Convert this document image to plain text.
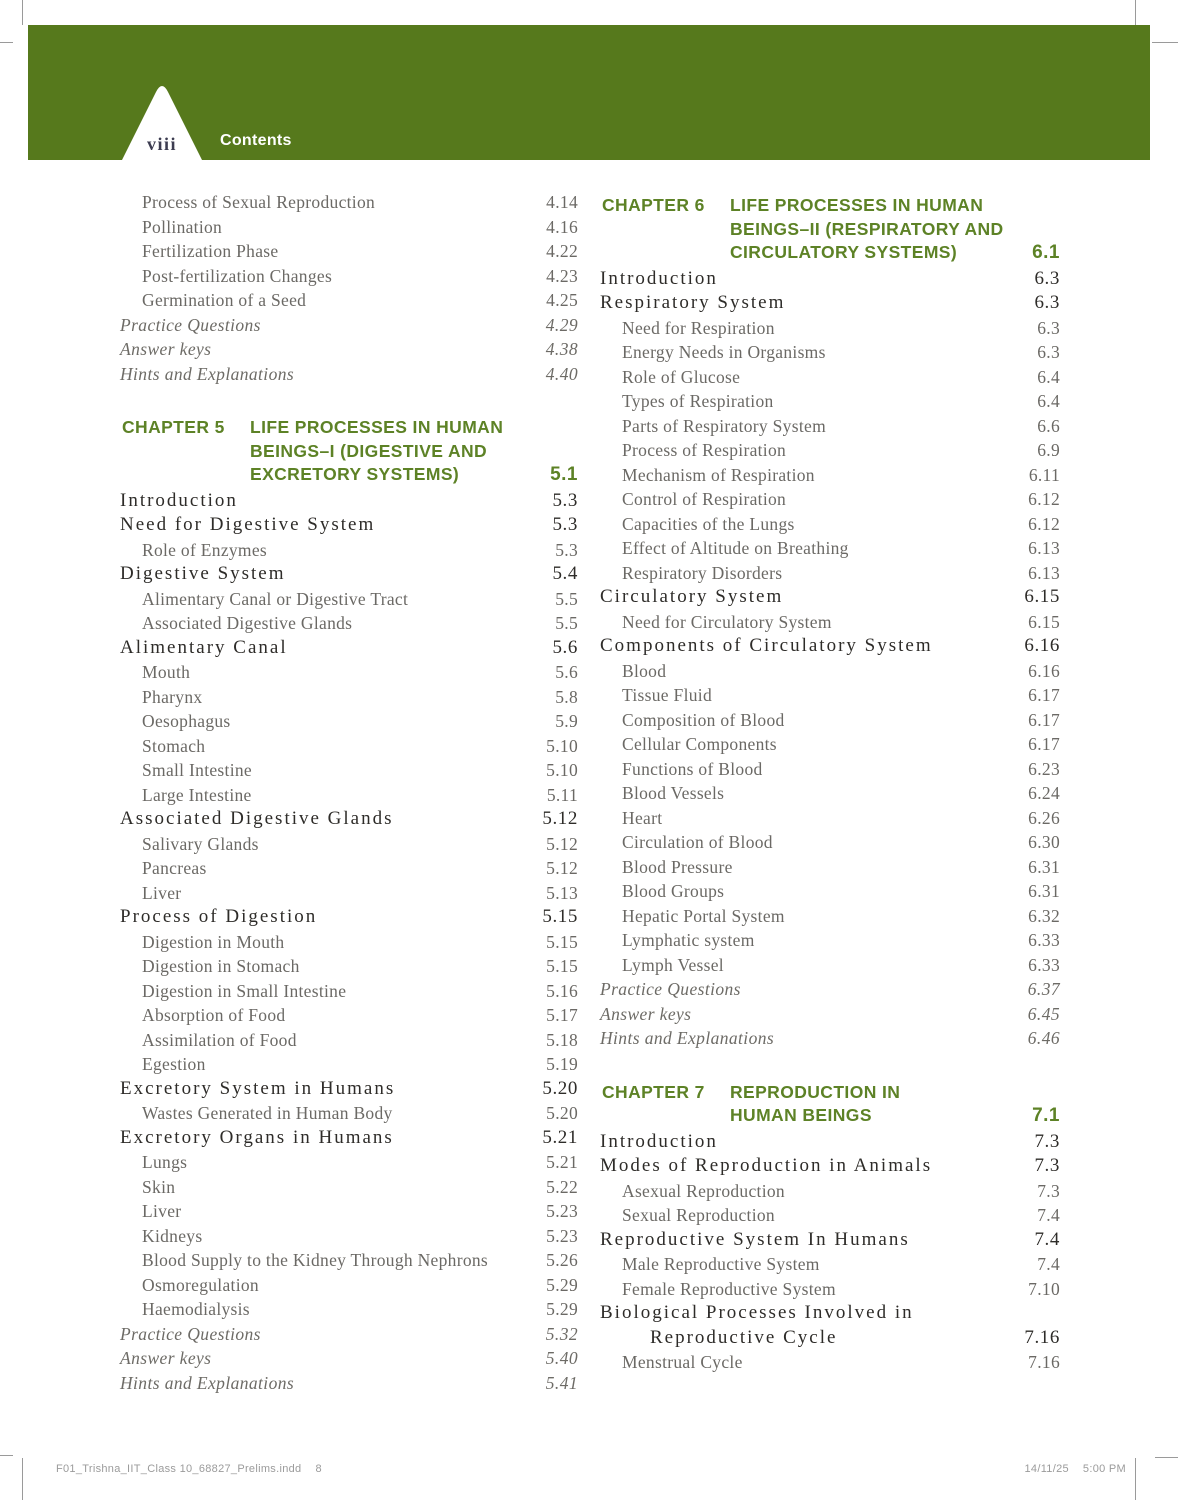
viii	Contents
Process of Sexual Reproduction	4.14
Pollination	4.16
Fertilization Phase	4.22
Post-fertilization Changes	4.23
Germination of a Seed	4.25
Practice Questions	4.29
Answer keys	4.38
Hints and Explanations	4.40
CHAPTER 5	LIFE PROCESSES IN HUMAN
BEINGS–I (DIGESTIVE AND
EXCRETORY SYSTEMS)	5.1
Introduction	5.3
Need for Digestive System	5.3
Role of Enzymes	5.3
Digestive System	5.4
Alimentary Canal or Digestive Tract	5.5
Associated Digestive Glands	5.5
Alimentary Canal	5.6
Mouth	5.6
Pharynx	5.8
Oesophagus	5.9
Stomach	5.10
Small Intestine	5.10
Large Intestine	5.11
Associated Digestive Glands	5.12
Salivary Glands	5.12
Pancreas	5.12
Liver	5.13
Process of Digestion	5.15
Digestion in Mouth	5.15
Digestion in Stomach	5.15
Digestion in Small Intestine	5.16
Absorption of Food	5.17
Assimilation of Food	5.18
Egestion	5.19
Excretory System in Humans	5.20
Wastes Generated in Human Body	5.20
Excretory Organs in Humans	5.21
Lungs	5.21
Skin	5.22
Liver	5.23
Kidneys	5.23
Blood Supply to the Kidney Through Nephrons	5.26
Osmoregulation	5.29
Haemodialysis	5.29
Practice Questions	5.32
Answer keys	5.40
Hints and Explanations	5.41
CHAPTER 6	LIFE PROCESSES IN HUMAN
BEINGS–II (RESPIRATORY AND
CIRCULATORY SYSTEMS)	6.1
Introduction	6.3
Respiratory System	6.3
Need for Respiration	6.3
Energy Needs in Organisms	6.3
Role of Glucose	6.4
Types of Respiration	6.4
Parts of Respiratory System	6.6
Process of Respiration	6.9
Mechanism of Respiration	6.11
Control of Respiration	6.12
Capacities of the Lungs	6.12
Effect of Altitude on Breathing	6.13
Respiratory Disorders	6.13
Circulatory System	6.15
Need for Circulatory System	6.15
Components of Circulatory System	6.16
Blood	6.16
Tissue Fluid	6.17
Composition of Blood	6.17
Cellular Components	6.17
Functions of Blood	6.23
Blood Vessels	6.24
Heart	6.26
Circulation of Blood	6.30
Blood Pressure	6.31
Blood Groups	6.31
Hepatic Portal System	6.32
Lymphatic system	6.33
Lymph Vessel	6.33
Practice Questions	6.37
Answer keys	6.45
Hints and Explanations	6.46
CHAPTER 7	REPRODUCTION IN
HUMAN BEINGS	7.1
Introduction	7.3
Modes of Reproduction in Animals	7.3
Asexual Reproduction	7.3
Sexual Reproduction	7.4
Reproductive System In Humans	7.4
Male Reproductive System	7.4
Female Reproductive System	7.10
Biological Processes Involved in
Reproductive Cycle	7.16
Menstrual Cycle	7.16
F01_Trishna_IIT_Class 10_68827_Prelims.indd 8	14/11/25 5:00 PM
